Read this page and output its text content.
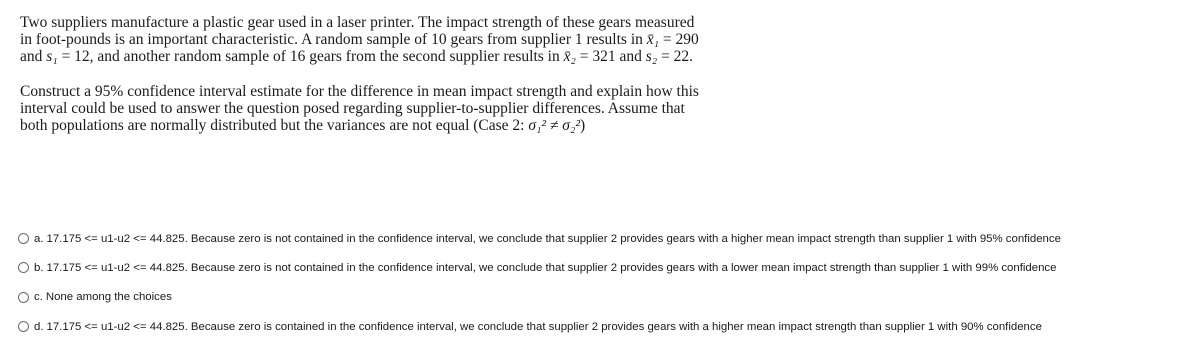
Two suppliers manufacture a plastic gear used in a laser printer. The impact strength of these gears measured in foot-pounds is an important characteristic. A random sample of 10 gears from supplier 1 results in x̄₁ = 290 and s₁ = 12, and another random sample of 16 gears from the second supplier results in x̄₂ = 321 and s₂ = 22.

Construct a 95% confidence interval estimate for the difference in mean impact strength and explain how this interval could be used to answer the question posed regarding supplier-to-supplier differences. Assume that both populations are normally distributed but the variances are not equal (Case 2: σ₁² ≠ σ₂²)

a. 17.175 <= u1-u2 <= 44.825. Because zero is not contained in the confidence interval, we conclude that supplier 2 provides gears with a higher mean impact strength than supplier 1 with 95% confidence
b. 17.175 <= u1-u2 <= 44.825. Because zero is not contained in the confidence interval, we conclude that supplier 2 provides gears with a lower mean impact strength than supplier 1 with 99% confidence
c. None among the choices
d. 17.175 <= u1-u2 <= 44.825. Because zero is contained in the confidence interval, we conclude that supplier 2 provides gears with a higher mean impact strength than supplier 1 with 90% confidence
